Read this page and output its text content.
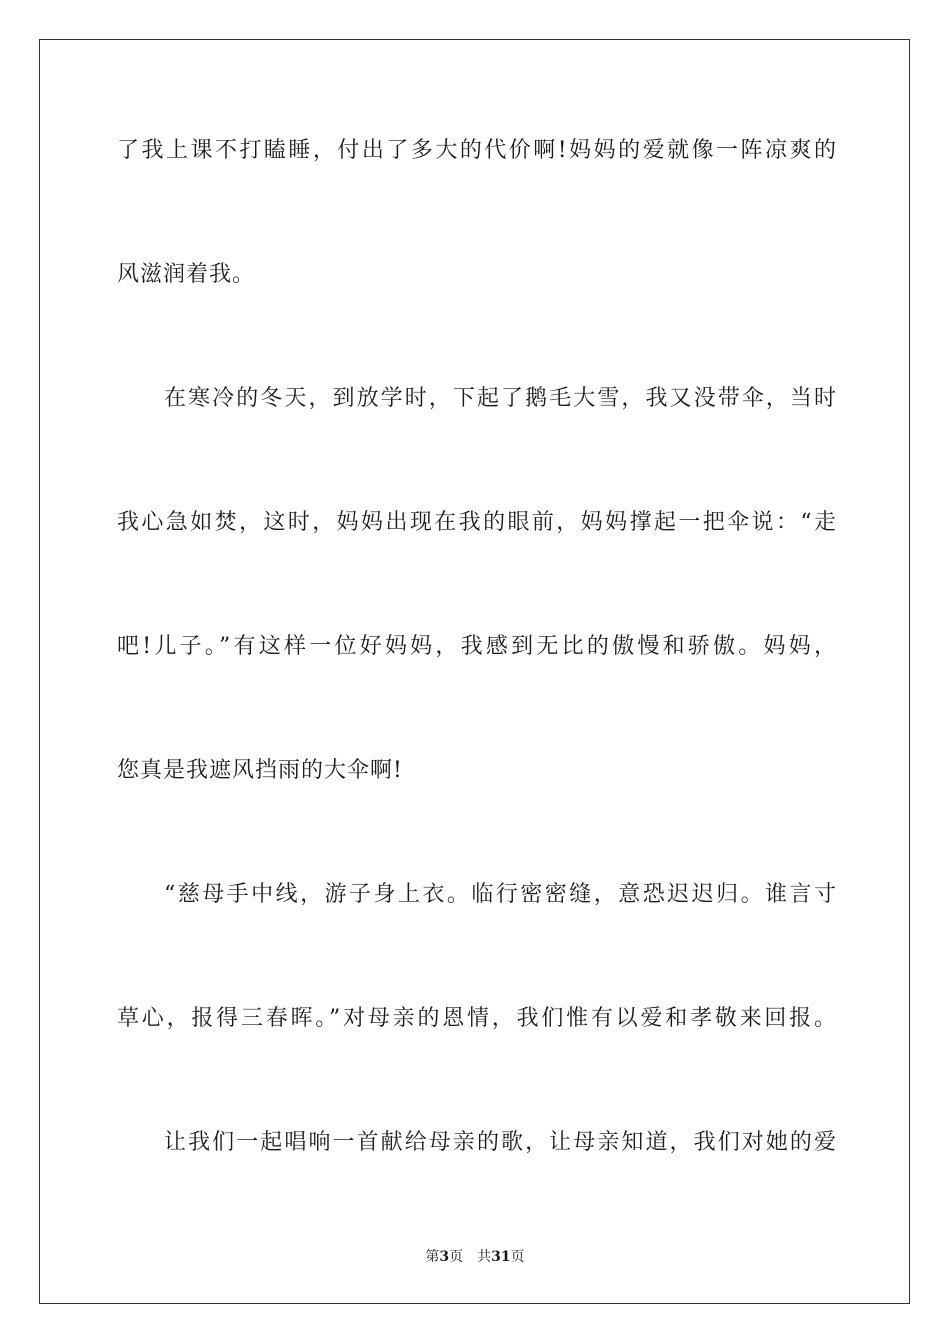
了我上课不打瞌睡，付出了多大的代价啊!妈妈的爱就像一阵凉爽的
风滋润着我。
在寒冷的冬天，到放学时，下起了鹅毛大雪，我又没带伞，当时
我心急如焚，这时，妈妈出现在我的眼前，妈妈撑起一把伞说：“走
吧!儿子。”有这样一位好妈妈，我感到无比的傲慢和骄傲。妈妈，
您真是我遮风挡雨的大伞啊!
“慈母手中线，游子身上衣。临行密密缝，意恐迟迟归。谁言寸
草心，报得三春晖。”对母亲的恩情，我们惟有以爱和孝敬来回报。
让我们一起唱响一首献给母亲的歌，让母亲知道，我们对她的爱
第3页 共31页
